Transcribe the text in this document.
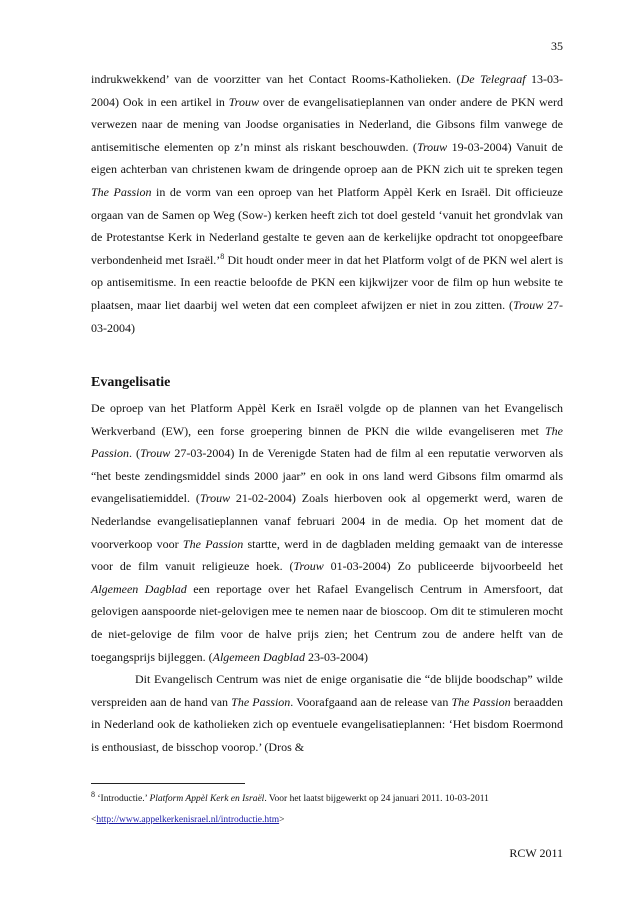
35
indrukwekkend’ van de voorzitter van het Contact Rooms-Katholieken. (De Telegraaf 13-03-2004) Ook in een artikel in Trouw over de evangelisatieplannen van onder andere de PKN werd verwezen naar de mening van Joodse organisaties in Nederland, die Gibsons film vanwege de antisemitische elementen op z’n minst als riskant beschouwden. (Trouw 19-03-2004) Vanuit de eigen achterban van christenen kwam de dringende oproep aan de PKN zich uit te spreken tegen The Passion in de vorm van een oproep van het Platform Appèl Kerk en Israël. Dit officieuze orgaan van de Samen op Weg (Sow-) kerken heeft zich tot doel gesteld ‘vanuit het grondvlak van de Protestantse Kerk in Nederland gestalte te geven aan de kerkelijke opdracht tot onopgeefbare verbondenheid met Israël.’$^8$ Dit houdt onder meer in dat het Platform volgt of de PKN wel alert is op antisemitisme. In een reactie beloofde de PKN een kijkwijzer voor de film op hun website te plaatsen, maar liet daarbij wel weten dat een compleet afwijzen er niet in zou zitten. (Trouw 27-03-2004)
Evangelisatie

De oproep van het Platform Appèl Kerk en Israël volgde op de plannen van het Evangelisch Werkverband (EW), een forse groepering binnen de PKN die wilde evangeliseren met The Passion. (Trouw 27-03-2004) In de Verenigde Staten had de film al een reputatie verworven als “het beste zendingsmiddel sinds 2000 jaar” en ook in ons land werd Gibsons film omarmd als evangelisatiemiddel. (Trouw 21-02-2004) Zoals hierboven ook al opgemerkt werd, waren de Nederlandse evangelisatieplannen vanaf februari 2004 in de media. Op het moment dat de voorverkoop voor The Passion startte, werd in de dagbladen melding gemaakt van de interesse voor de film vanuit religieuze hoek. (Trouw 01-03-2004) Zo publiceerde bijvoorbeeld het Algemeen Dagblad een reportage over het Rafael Evangelisch Centrum in Amersfoort, dat gelovigen aanspoorde niet-gelovigen mee te nemen naar de bioscoop. Om dit te stimuleren mocht de niet-gelovige de film voor de halve prijs zien; het Centrum zou de andere helft van de toegangsprijs bijleggen. (Algemeen Dagblad 23-03-2004)

Dit Evangelisch Centrum was niet de enige organisatie die “de blijde boodschap” wilde verspreiden aan de hand van The Passion. Voorafgaand aan de release van The Passion beraadden in Nederland ook de katholieken zich op eventuele evangelisatieplannen: ‘Het bisdom Roermond is enthousiast, de bisschop voorop.’ (Dros &

$^8$ ‘Introductie.’ Platform Appèl Kerk en Israël. Voor het laatst bijgewerkt op 24 januari 2011. 10-03-2011
<http://www.appelkerkenisrael.nl/introductie.htm>
RCW 2011
